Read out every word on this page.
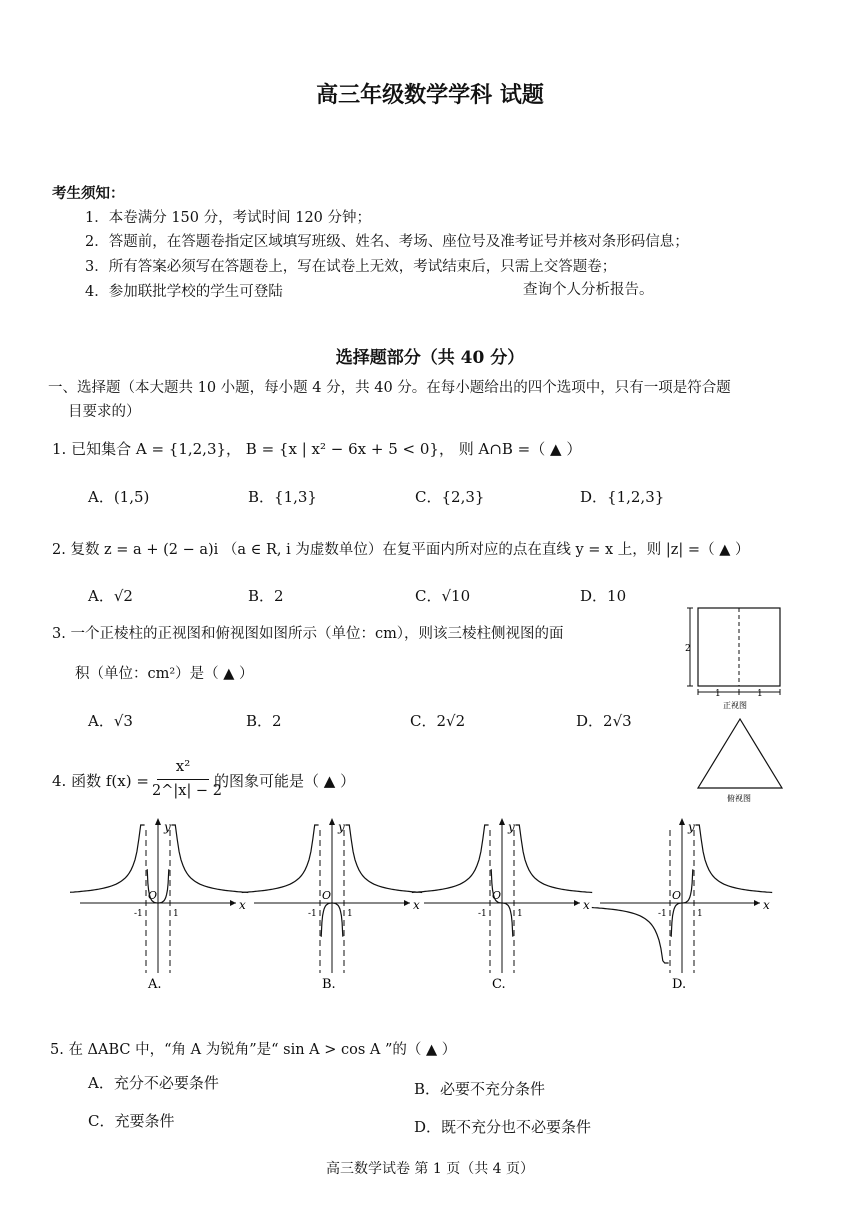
高三年级数学学科 试题
考生须知：
1．本卷满分 150 分，考试时间 120 分钟；
2．答题前，在答题卷指定区域填写班级、姓名、考场、座位号及准考证号并核对条形码信息；
3．所有答案必须写在答题卷上，写在试卷上无效，考试结束后，只需上交答题卷；
4．参加联批学校的学生可登陆	查询个人分析报告。
选择题部分（共 40 分）
一、选择题（本大题共 10 小题，每小题 4 分，共 40 分。在每小题给出的四个选项中，只有一项是符合题
目要求的）
1. 已知集合 A = {1,2,3}， B = {x | x² − 6x + 5 < 0}， 则 A∩B =（ ▲ ）
A．(1,5)	B．{1,3}	C．{2,3}	D．{1,2,3}
2. 复数 z = a + (2 − a)i （a ∈ R, i 为虚数单位）在复平面内所对应的点在直线 y = x 上，则 |z| =（ ▲ ）
A．√2	B．2	C．√10	D．10
3. 一个正棱柱的正视图和俯视图如图所示（单位：cm），则该三棱柱侧视图的面
积（单位：cm²）是（ ▲ ）
A．√3	B．2	C．2√2	D．2√3
2
1	1
正视图
俯视图
4. 函数 f(x) =
x²
2^|x| − 2
的图象可能是（ ▲ ）
x
y
O
-1	1
A.
x
y
O
-1	1
B.
x
y
O
-1	1
C.
x
y
O
-1	1
D.
5. 在 ΔABC 中，“角 A 为锐角”是“ sin A > cos A ”的（ ▲ ）
A．充分不必要条件	B．必要不充分条件
C．充要条件	D．既不充分也不必要条件
高三数学试卷 第 1 页（共 4 页）
